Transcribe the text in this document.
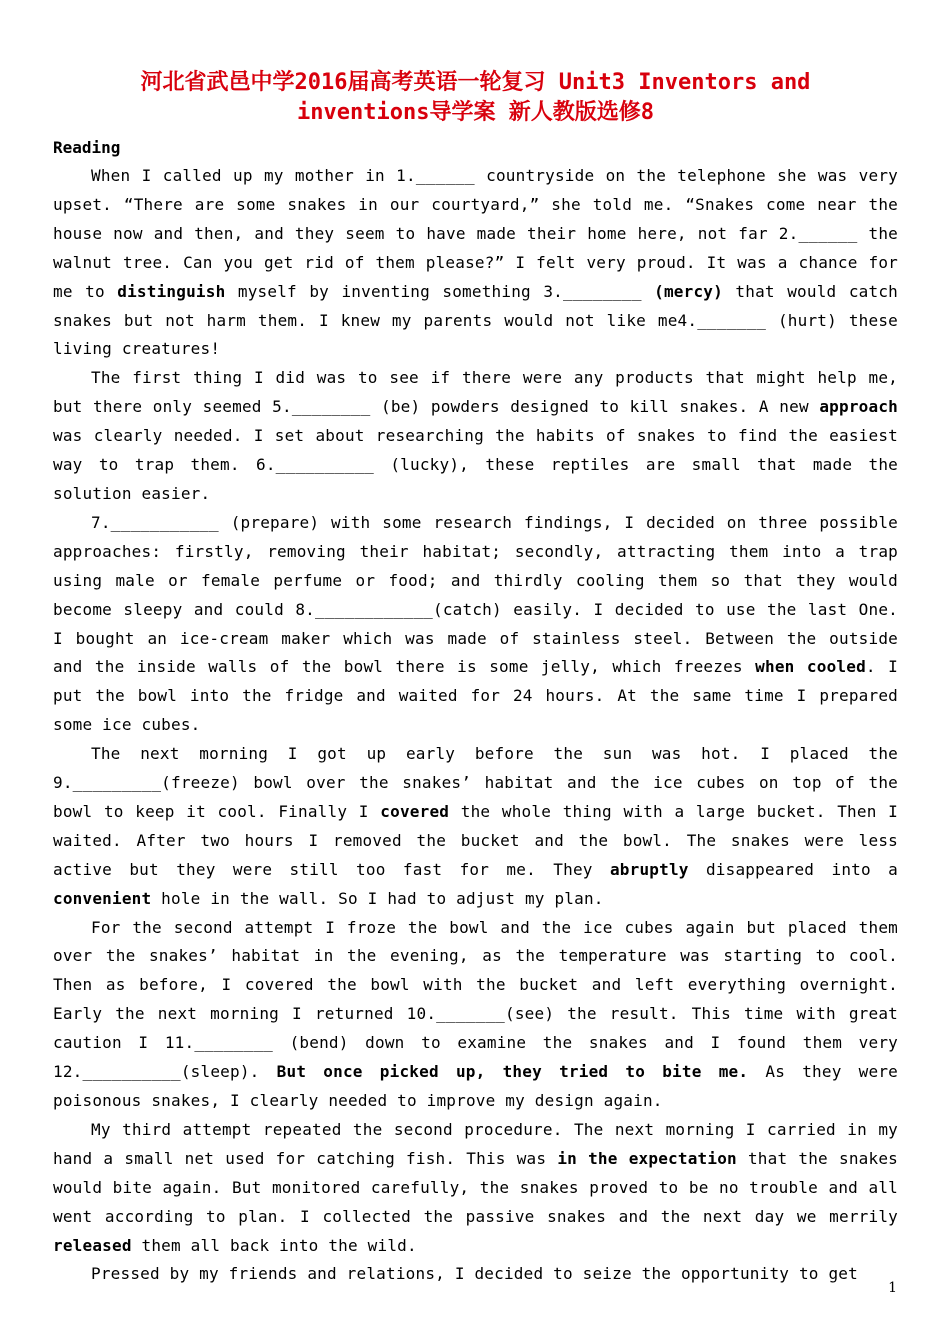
河北省武邑中学2016届高考英语一轮复习 Unit3 Inventors and
inventions导学案 新人教版选修8
Reading

When I called up my mother in 1.______ countryside on the telephone she was very upset. “There are some snakes in our courtyard,” she told me. “Snakes come near the house now and then, and they seem to have made their home here, not far 2.______ the walnut tree. Can you get rid of them please?” I felt very proud. It was a chance for me to distinguish myself by inventing something 3.________ (mercy) that would catch snakes but not harm them. I knew my parents would not like me4._______ (hurt) these living creatures!

The first thing I did was to see if there were any products that might help me, but there only seemed 5.________ (be) powders designed to kill snakes. A new approach was clearly needed. I set about researching the habits of snakes to find the easiest way to trap them. 6.__________ (lucky), these reptiles are small that made the solution easier.

7.___________ (prepare) with some research findings, I decided on three possible approaches: firstly, removing their habitat; secondly, attracting them into a trap using male or female perfume or food; and thirdly cooling them so that they would become sleepy and could 8.____________(catch) easily. I decided to use the last One. I bought an ice-cream maker which was made of stainless steel. Between the outside and the inside walls of the bowl there is some jelly, which freezes when cooled. I put the bowl into the fridge and waited for 24 hours. At the same time I prepared some ice cubes.

The next morning I got up early before the sun was hot. I placed the 9._________(freeze) bowl over the snakes’ habitat and the ice cubes on top of the bowl to keep it cool. Finally I covered the whole thing with a large bucket. Then I waited. After two hours I removed the bucket and the bowl. The snakes were less active but they were still too fast for me. They abruptly disappeared into a convenient hole in the wall. So I had to adjust my plan.

For the second attempt I froze the bowl and the ice cubes again but placed them over the snakes’ habitat in the evening, as the temperature was starting to cool. Then as before, I covered the bowl with the bucket and left everything overnight. Early the next morning I returned 10._______(see) the result. This time with great caution I 11.________ (bend) down to examine the snakes and I found them very 12.__________(sleep). But once picked up, they tried to bite me. As they were poisonous snakes, I clearly needed to improve my design again.

My third attempt repeated the second procedure. The next morning I carried in my hand a small net used for catching fish. This was in the expectation that the snakes would bite again. But monitored carefully, the snakes proved to be no trouble and all went according to plan. I collected the passive snakes and the next day we merrily released them all back into the wild.

Pressed by my friends and relations, I decided to seize the opportunity to get

1
